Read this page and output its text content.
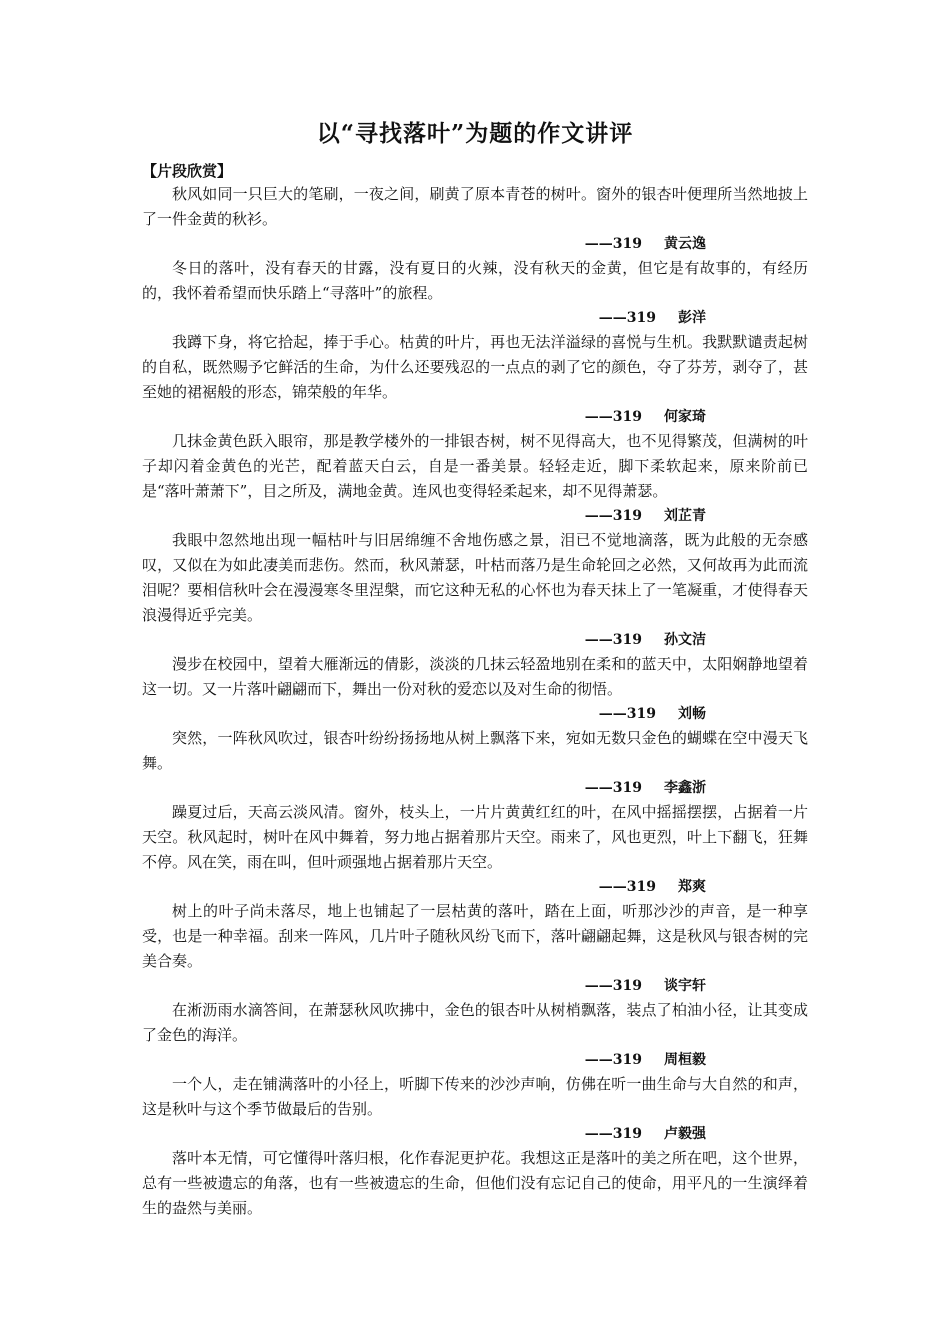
以“寻找落叶”为题的作文讲评

【片段欣赏】

秋风如同一只巨大的笔刷，一夜之间，刷黄了原本青苍的树叶。窗外的银杏叶便理所当然地披上了一件金黄的秋衫。

——319 黄云逸

冬日的落叶，没有春天的甘露，没有夏日的火辣，没有秋天的金黄，但它是有故事的，有经历的，我怀着希望而快乐踏上“寻落叶”的旅程。

——319 彭洋

我蹲下身，将它拾起，捧于手心。枯黄的叶片，再也无法洋溢绿的喜悦与生机。我默默谴责起树的自私，既然赐予它鲜活的生命，为什么还要残忍的一点点的剥了它的颜色，夺了芬芳，剥夺了，甚至她的裙裾般的形态，锦荣般的年华。

——319 何家琦

几抹金黄色跃入眼帘，那是教学楼外的一排银杏树，树不见得高大，也不见得繁茂，但满树的叶子却闪着金黄色的光芒，配着蓝天白云，自是一番美景。轻轻走近，脚下柔软起来，原来阶前已是“落叶萧萧下”，目之所及，满地金黄。连风也变得轻柔起来，却不见得萧瑟。

——319 刘芷青

我眼中忽然地出现一幅枯叶与旧居绵缠不舍地伤感之景，泪已不觉地滴落，既为此般的无奈感叹，又似在为如此凄美而悲伤。然而，秋风萧瑟，叶枯而落乃是生命轮回之必然，又何故再为此而流泪呢？要相信秋叶会在漫漫寒冬里涅槃，而它这种无私的心怀也为春天抹上了一笔凝重，才使得春天浪漫得近乎完美。

——319 孙文洁

漫步在校园中，望着大雁渐远的倩影，淡淡的几抹云轻盈地别在柔和的蓝天中，太阳娴静地望着这一切。又一片落叶翩翩而下，舞出一份对秋的爱恋以及对生命的彻悟。

——319 刘畅

突然，一阵秋风吹过，银杏叶纷纷扬扬地从树上飘落下来，宛如无数只金色的蝴蝶在空中漫天飞舞。

——319 李鑫浙

躁夏过后，天高云淡风清。窗外，枝头上，一片片黄黄红红的叶，在风中摇摇摆摆，占据着一片天空。秋风起时，树叶在风中舞着，努力地占据着那片天空。雨来了，风也更烈，叶上下翻飞，狂舞不停。风在笑，雨在叫，但叶顽强地占据着那片天空。

——319 郑爽

树上的叶子尚未落尽，地上也铺起了一层枯黄的落叶，踏在上面，听那沙沙的声音，是一种享受，也是一种幸福。刮来一阵风，几片叶子随秋风纷飞而下，落叶翩翩起舞，这是秋风与银杏树的完美合奏。

——319 谈宇轩

在淅沥雨水滴答间，在萧瑟秋风吹拂中，金色的银杏叶从树梢飘落，装点了柏油小径，让其变成了金色的海洋。

——319 周桓毅

一个人，走在铺满落叶的小径上，听脚下传来的沙沙声响，仿佛在听一曲生命与大自然的和声，这是秋叶与这个季节做最后的告别。

——319 卢毅强

落叶本无情，可它懂得叶落归根，化作春泥更护花。我想这正是落叶的美之所在吧，这个世界，总有一些被遗忘的角落，也有一些被遗忘的生命，但他们没有忘记自己的使命，用平凡的一生演绎着生的盎然与美丽。
